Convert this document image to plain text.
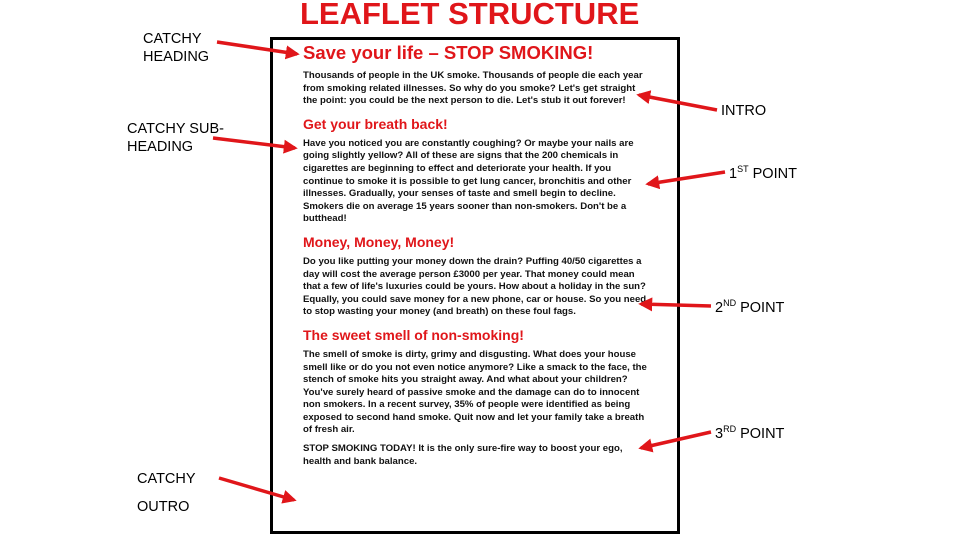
LEAFLET STRUCTURE
CATCHY
HEADING
CATCHY SUB-
HEADING
INTRO
1ST POINT
2ND POINT
3RD POINT
CATCHY
OUTRO
Save your life – STOP SMOKING!
Thousands of people in the UK smoke. Thousands of people die each year from smoking related illnesses. So why do you smoke? Let's get straight the point: you could be the next person to die. Let's stub it out forever!
Get your breath back!
Have you noticed you are constantly coughing? Or maybe your nails are going slightly yellow? All of these are signs that the 200 chemicals in cigarettes are beginning to effect and deteriorate your health. If you continue to smoke it is possible to get lung cancer, bronchitis and other illnesses. Gradually, your senses of taste and smell begin to decline. Smokers die on average 15 years sooner than non-smokers. Don't be a butthead!
Money, Money, Money!
Do you like putting your money down the drain? Puffing 40/50 cigarettes a day will cost the average person £3000 per year. That money could mean that a few of life's luxuries could be yours. How about a holiday in the sun? Equally, you could save money for a new phone, car or house. So you need to stop wasting your money (and breath) on these foul fags.
The sweet smell of non-smoking!
The smell of smoke is dirty, grimy and disgusting. What does your house smell like or do you not even notice anymore? Like a smack to the face, the stench of smoke hits you straight away. And what about your children? You've surely heard of passive smoke and the damage can do to innocent non smokers. In a recent survey, 35% of people were identified as being exposed to second hand smoke. Quit now and let your family take a breath of fresh air.
STOP SMOKING TODAY! It is the only sure-fire way to boost your ego, health and bank balance.
